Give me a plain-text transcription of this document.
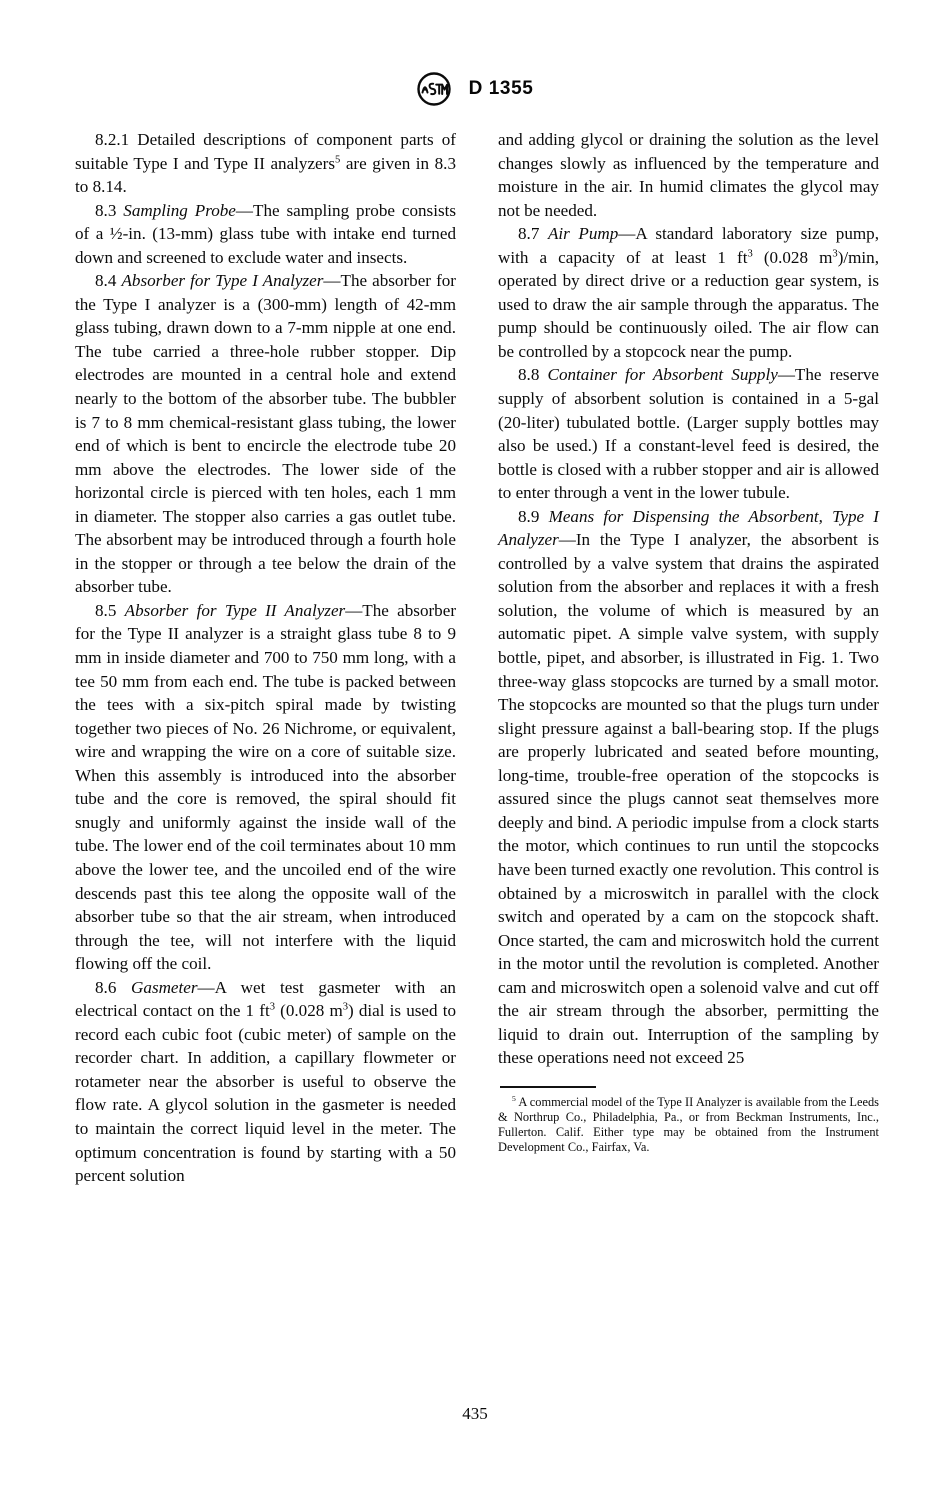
D 1355

8.2.1 Detailed descriptions of component parts of suitable Type I and Type II analyzers$^5$ are given in 8.3 to 8.14.

8.3 Sampling Probe—The sampling probe consists of a ½-in. (13-mm) glass tube with intake end turned down and screened to exclude water and insects.

8.4 Absorber for Type I Analyzer—The absorber for the Type I analyzer is a (300-mm) length of 42-mm glass tubing, drawn down to a 7-mm nipple at one end. The tube carried a three-hole rubber stopper. Dip electrodes are mounted in a central hole and extend nearly to the bottom of the absorber tube. The bubbler is 7 to 8 mm chemical-resistant glass tubing, the lower end of which is bent to encircle the electrode tube 20 mm above the electrodes. The lower side of the horizontal circle is pierced with ten holes, each 1 mm in diameter. The stopper also carries a gas outlet tube. The absorbent may be introduced through a fourth hole in the stopper or through a tee below the drain of the absorber tube.

8.5 Absorber for Type II Analyzer—The absorber for the Type II analyzer is a straight glass tube 8 to 9 mm in inside diameter and 700 to 750 mm long, with a tee 50 mm from each end. The tube is packed between the tees with a six-pitch spiral made by twisting together two pieces of No. 26 Nichrome, or equivalent, wire and wrapping the wire on a core of suitable size. When this assembly is introduced into the absorber tube and the core is removed, the spiral should fit snugly and uniformly against the inside wall of the tube. The lower end of the coil terminates about 10 mm above the lower tee, and the uncoiled end of the wire descends past this tee along the opposite wall of the absorber tube so that the air stream, when introduced through the tee, will not interfere with the liquid flowing off the coil.

8.6 Gasmeter—A wet test gasmeter with an electrical contact on the 1 $ft^3$ (0.028 $m^3$) dial is used to record each cubic foot (cubic meter) of sample on the recorder chart. In addition, a capillary flowmeter or rotameter near the absorber is useful to observe the flow rate. A glycol solution in the gasmeter is needed to maintain the correct liquid level in the meter. The optimum concentration is found by starting with a 50 percent solution

and adding glycol or draining the solution as the level changes slowly as influenced by the temperature and moisture in the air. In humid climates the glycol may not be needed.

8.7 Air Pump—A standard laboratory size pump, with a capacity of at least 1 $ft^3$ (0.028 $m^3)/\min$, operated by direct drive or a reduction gear system, is used to draw the air sample through the apparatus. The pump should be continuously oiled. The air flow can be controlled by a stopcock near the pump.

8.8 Container for Absorbent Supply—The reserve supply of absorbent solution is contained in a 5-gal (20-liter) tubulated bottle. (Larger supply bottles may also be used.) If a constant-level feed is desired, the bottle is closed with a rubber stopper and air is allowed to enter through a vent in the lower tubule.

8.9 Means for Dispensing the Absorbent, Type I Analyzer—In the Type I analyzer, the absorbent is controlled by a valve system that drains the aspirated solution from the absorber and replaces it with a fresh solution, the volume of which is measured by an automatic pipet. A simple valve system, with supply bottle, pipet, and absorber, is illustrated in Fig. 1. Two three-way glass stopcocks are turned by a small motor. The stopcocks are mounted so that the plugs turn under slight pressure against a ball-bearing stop. If the plugs are properly lubricated and seated before mounting, long-time, trouble-free operation of the stopcocks is assured since the plugs cannot seat themselves more deeply and bind. A periodic impulse from a clock starts the motor, which continues to run until the stopcocks have been turned exactly one revolution. This control is obtained by a microswitch in parallel with the clock switch and operated by a cam on the stopcock shaft. Once started, the cam and microswitch hold the current in the motor until the revolution is completed. Another cam and microswitch open a solenoid valve and cut off the air stream through the absorber, permitting the liquid to drain out. Interruption of the sampling by these operations need not exceed 25

$^5$ A commercial model of the Type II Analyzer is available from the Leeds & Northrup Co., Philadelphia, Pa., or from Beckman Instruments, Inc., Fullerton. Calif. Either type may be obtained from the Instrument Development Co., Fairfax, Va.

435
